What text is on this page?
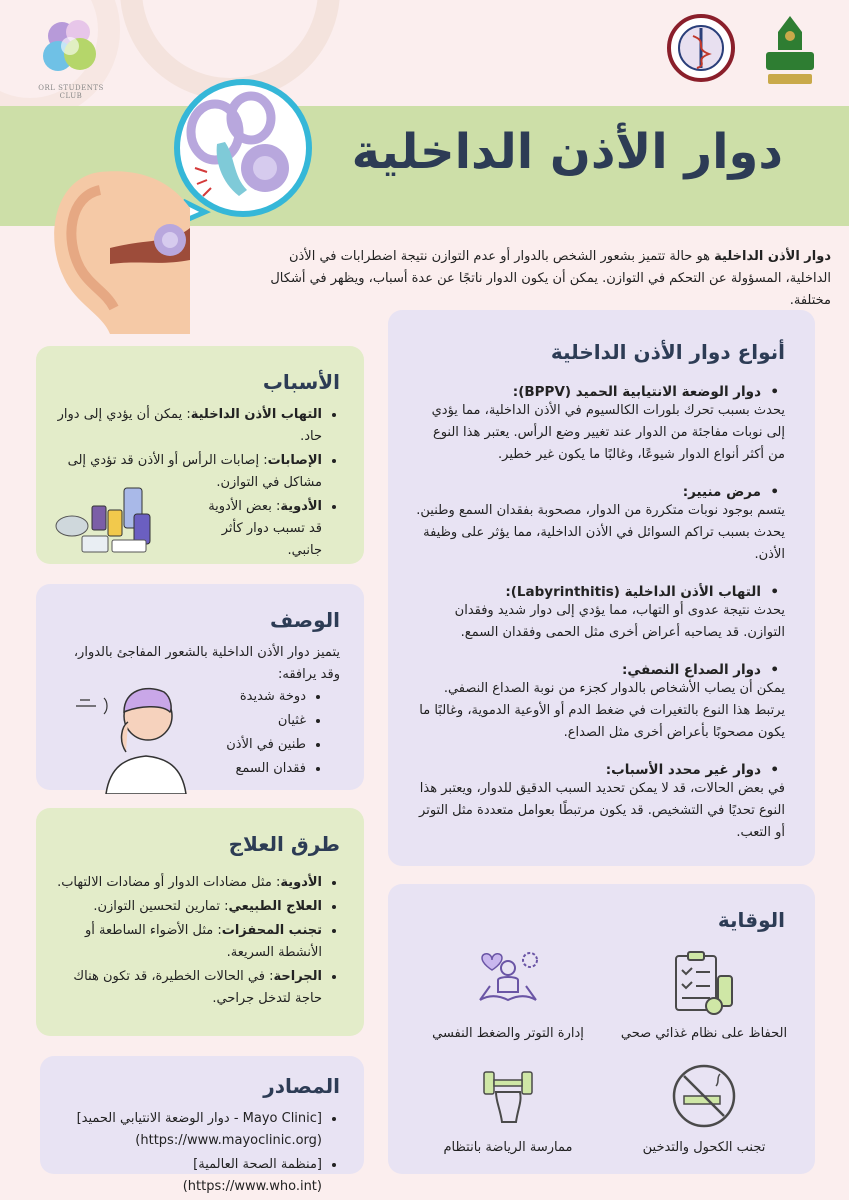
ORL STUDENTS CLUB
دوار الأذن الداخلية
دوار الأذن الداخلية هو حالة تتميز بشعور الشخص بالدوار أو عدم التوازن نتيجة اضطرابات في الأذن الداخلية، المسؤولة عن التحكم في التوازن. يمكن أن يكون الدوار ناتجًا عن عدة أسباب، ويظهر في أشكال مختلفة.
الأسباب
• التهاب الأذن الداخلية: يمكن أن يؤدي إلى دوار حاد.
• الإصابات: إصابات الرأس أو الأذن قد تؤدي إلى مشاكل في التوازن.
• الأدوية: بعض الأدوية قد تسبب دوار كأثر جانبي.
الوصف

يتميز دوار الأذن الداخلية بالشعور المفاجئ بالدوار، وقد يرافقه:

• دوخة شديدة
• غثيان
• طنين في الأذن
• فقدان السمع
طرق العلاج
• الأدوية: مثل مضادات الدوار أو مضادات الالتهاب.
• العلاج الطبيعي: تمارين لتحسين التوازن.
• تجنب المحفزات: مثل الأضواء الساطعة أو الأنشطة السريعة.
• الجراحة: في الحالات الخطيرة، قد تكون هناك حاجة لتدخل جراحي.
المصادر
• [Mayo Clinic - دوار الوضعة الانتيابي الحميد](https://www.mayoclinic.org)
• [منظمة الصحة العالمية](https://www.who.int)
أنواع دوار الأذن الداخلية
• دوار الوضعة الانتيابية الحميد (BPPV):
يحدث بسبب تحرك بلورات الكالسيوم في الأذن الداخلية، مما يؤدي إلى نوبات مفاجئة من الدوار عند تغيير وضع الرأس. يعتبر هذا النوع من أكثر أنواع الدوار شيوعًا، وغالبًا ما يكون غير خطير.
• مرض منيير:
يتسم بوجود نوبات متكررة من الدوار، مصحوبة بفقدان السمع وطنين. يحدث بسبب تراكم السوائل في الأذن الداخلية، مما يؤثر على وظيفة الأذن.
• التهاب الأذن الداخلية (Labyrinthitis):
يحدث نتيجة عدوى أو التهاب، مما يؤدي إلى دوار شديد وفقدان التوازن. قد يصاحبه أعراض أخرى مثل الحمى وفقدان السمع.
• دوار الصداع النصفي:
يمكن أن يصاب الأشخاص بالدوار كجزء من نوبة الصداع النصفي. يرتبط هذا النوع بالتغيرات في ضغط الدم أو الأوعية الدموية، وغالبًا ما يكون مصحوبًا بأعراض أخرى مثل الصداع.
• دوار غير محدد الأسباب:
في بعض الحالات، قد لا يمكن تحديد السبب الدقيق للدوار، ويعتبر هذا النوع تحديًا في التشخيص. قد يكون مرتبطًا بعوامل متعددة مثل التوتر أو التعب.
الوقاية
الحفاظ على نظام غذائي صحي
إدارة التوتر والضغط النفسي
تجنب الكحول والتدخين
ممارسة الرياضة بانتظام
